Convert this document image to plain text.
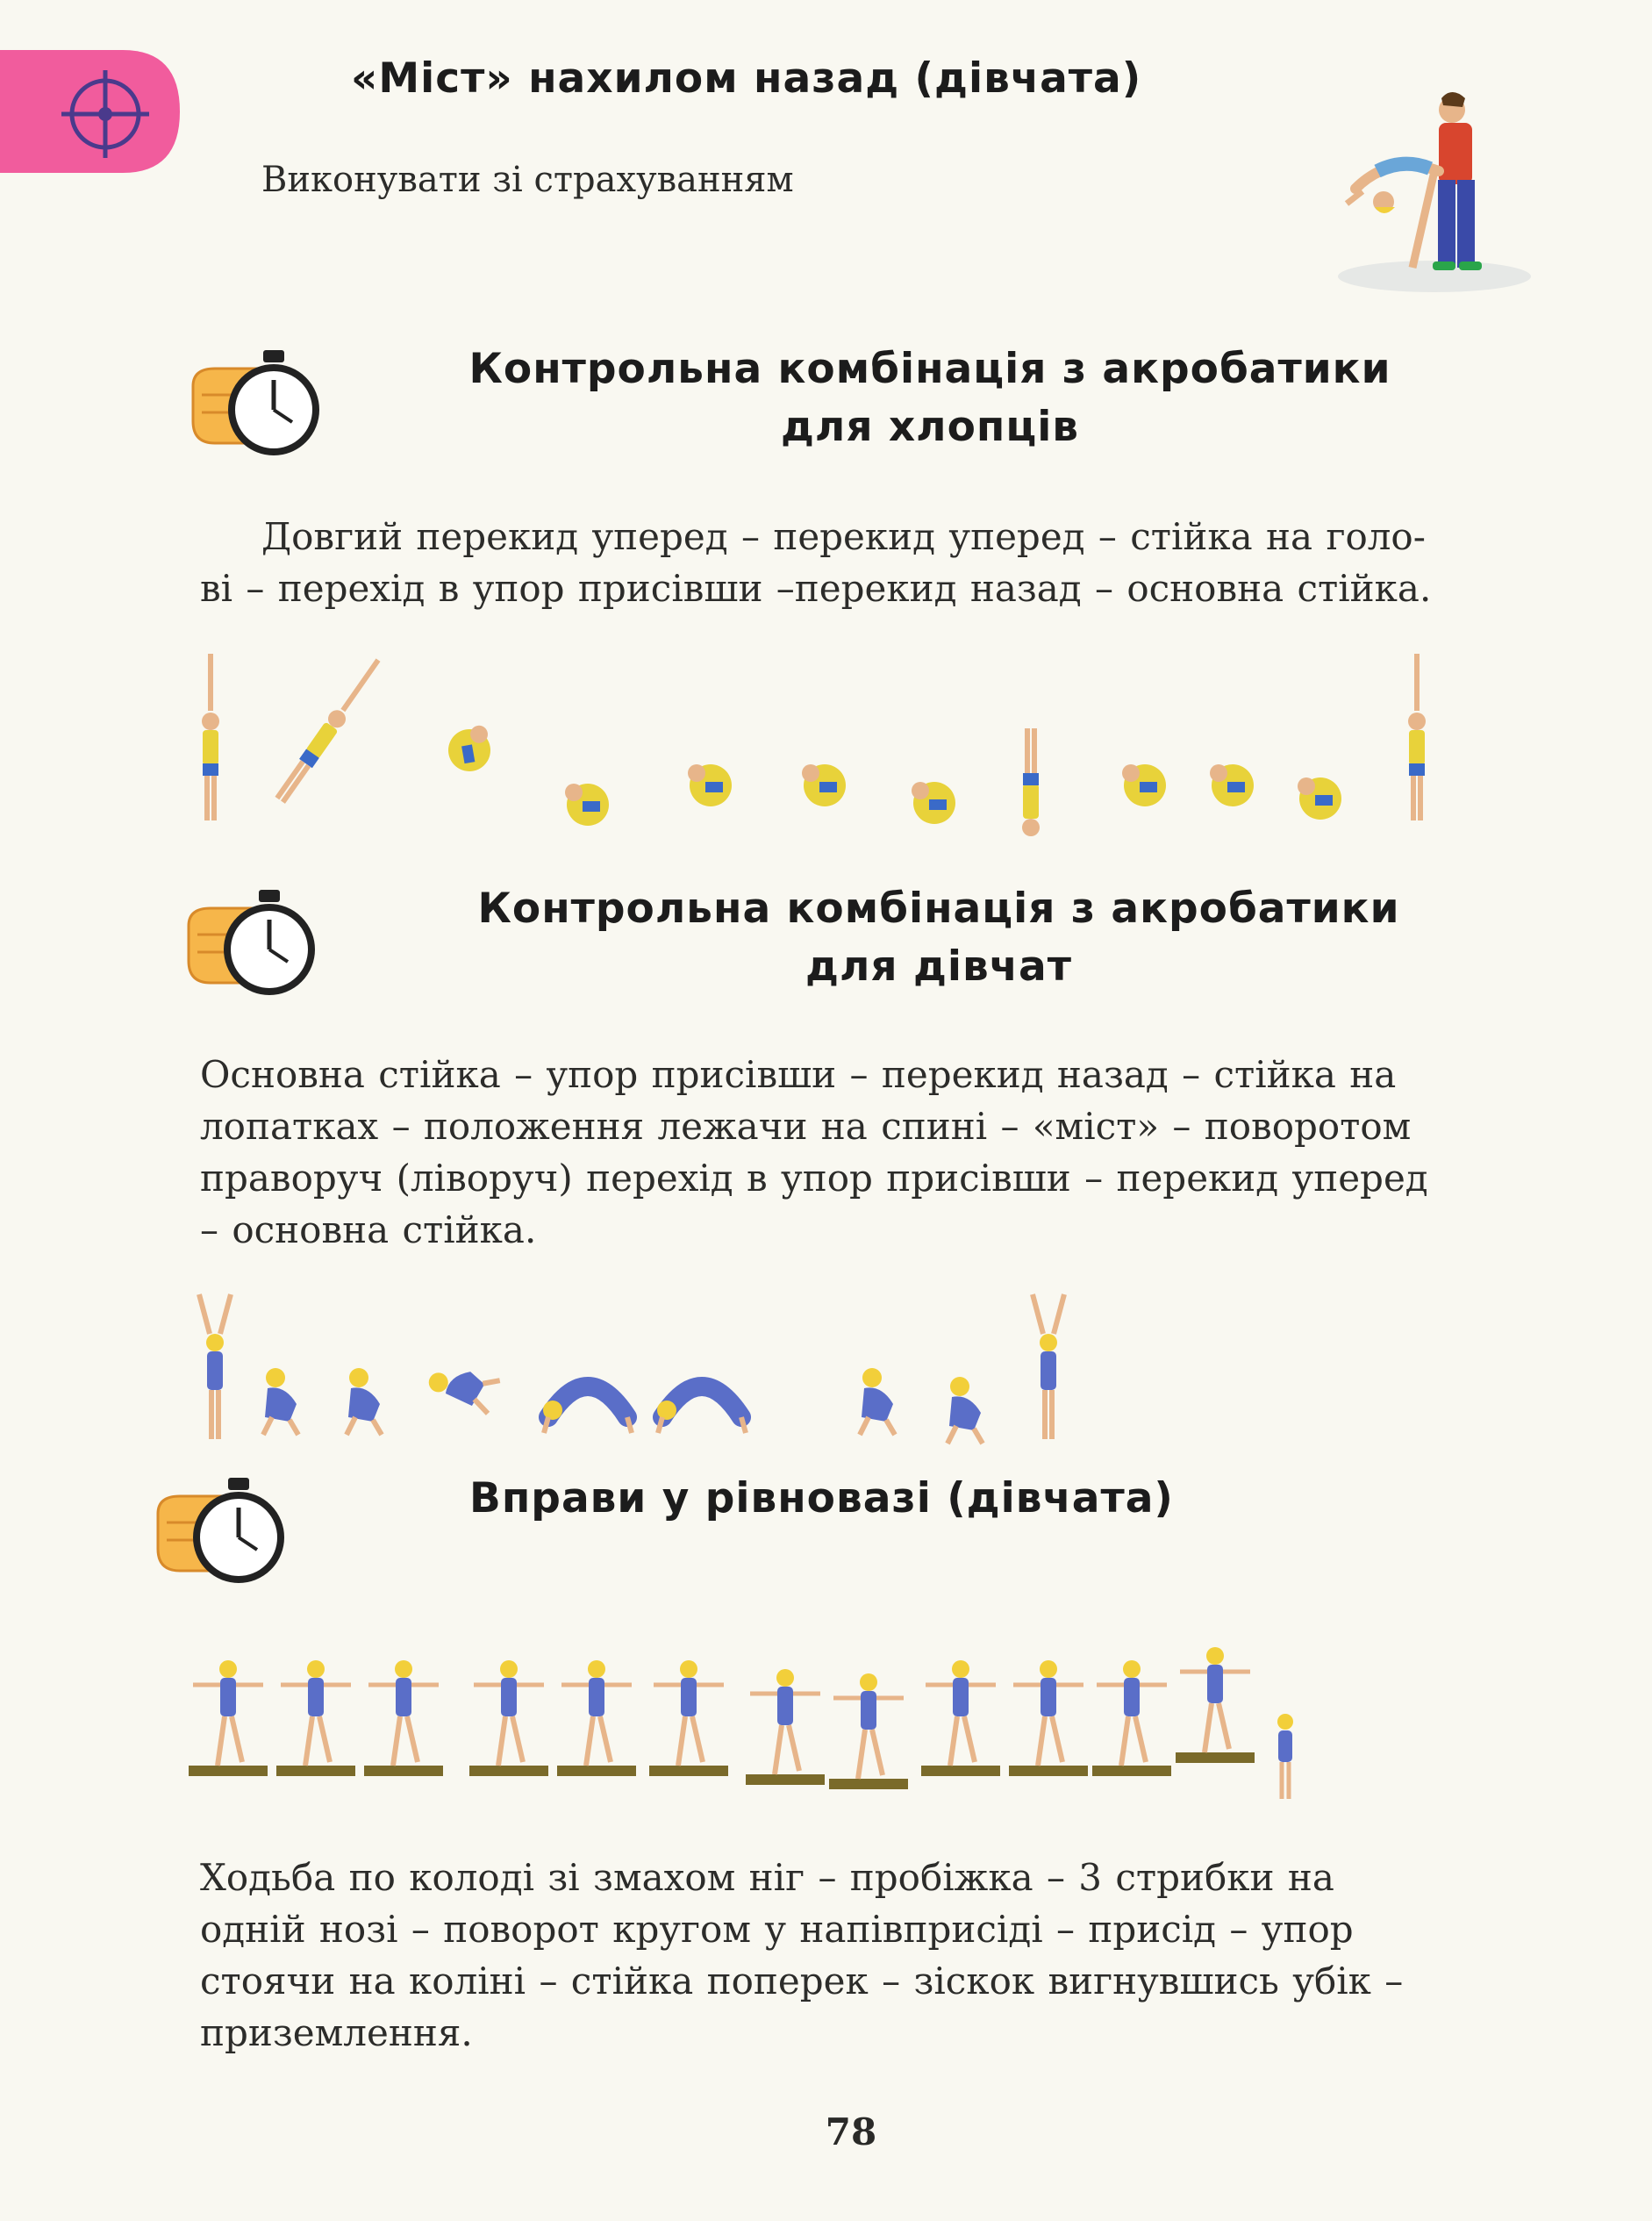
«Міст» нахилом назад (дівчата)
Виконувати зі страхуванням
Контрольна комбінація з акробатики
для хлопців
Довгий перекид уперед – перекид уперед – стійка на голо-
ві – перехід в упор присівши –перекид назад – основна стійка.
Контрольна комбінація з акробатики
для дівчат
Основна стійка – упор присівши – перекид назад – стійка на
лопатках – положення лежачи на спині – «міст» – поворотом
праворуч (ліворуч) перехід в упор присівши – перекид уперед
– основна стійка.
Вправи у рівновазі (дівчата)
Ходьба по колоді зі змахом ніг – пробіжка – 3 стрибки на
одній нозі – поворот кругом у напівприсіді – присід – упор
стоячи на коліні – стійка поперек – зіскок вигнувшись убік –
приземлення.
78
